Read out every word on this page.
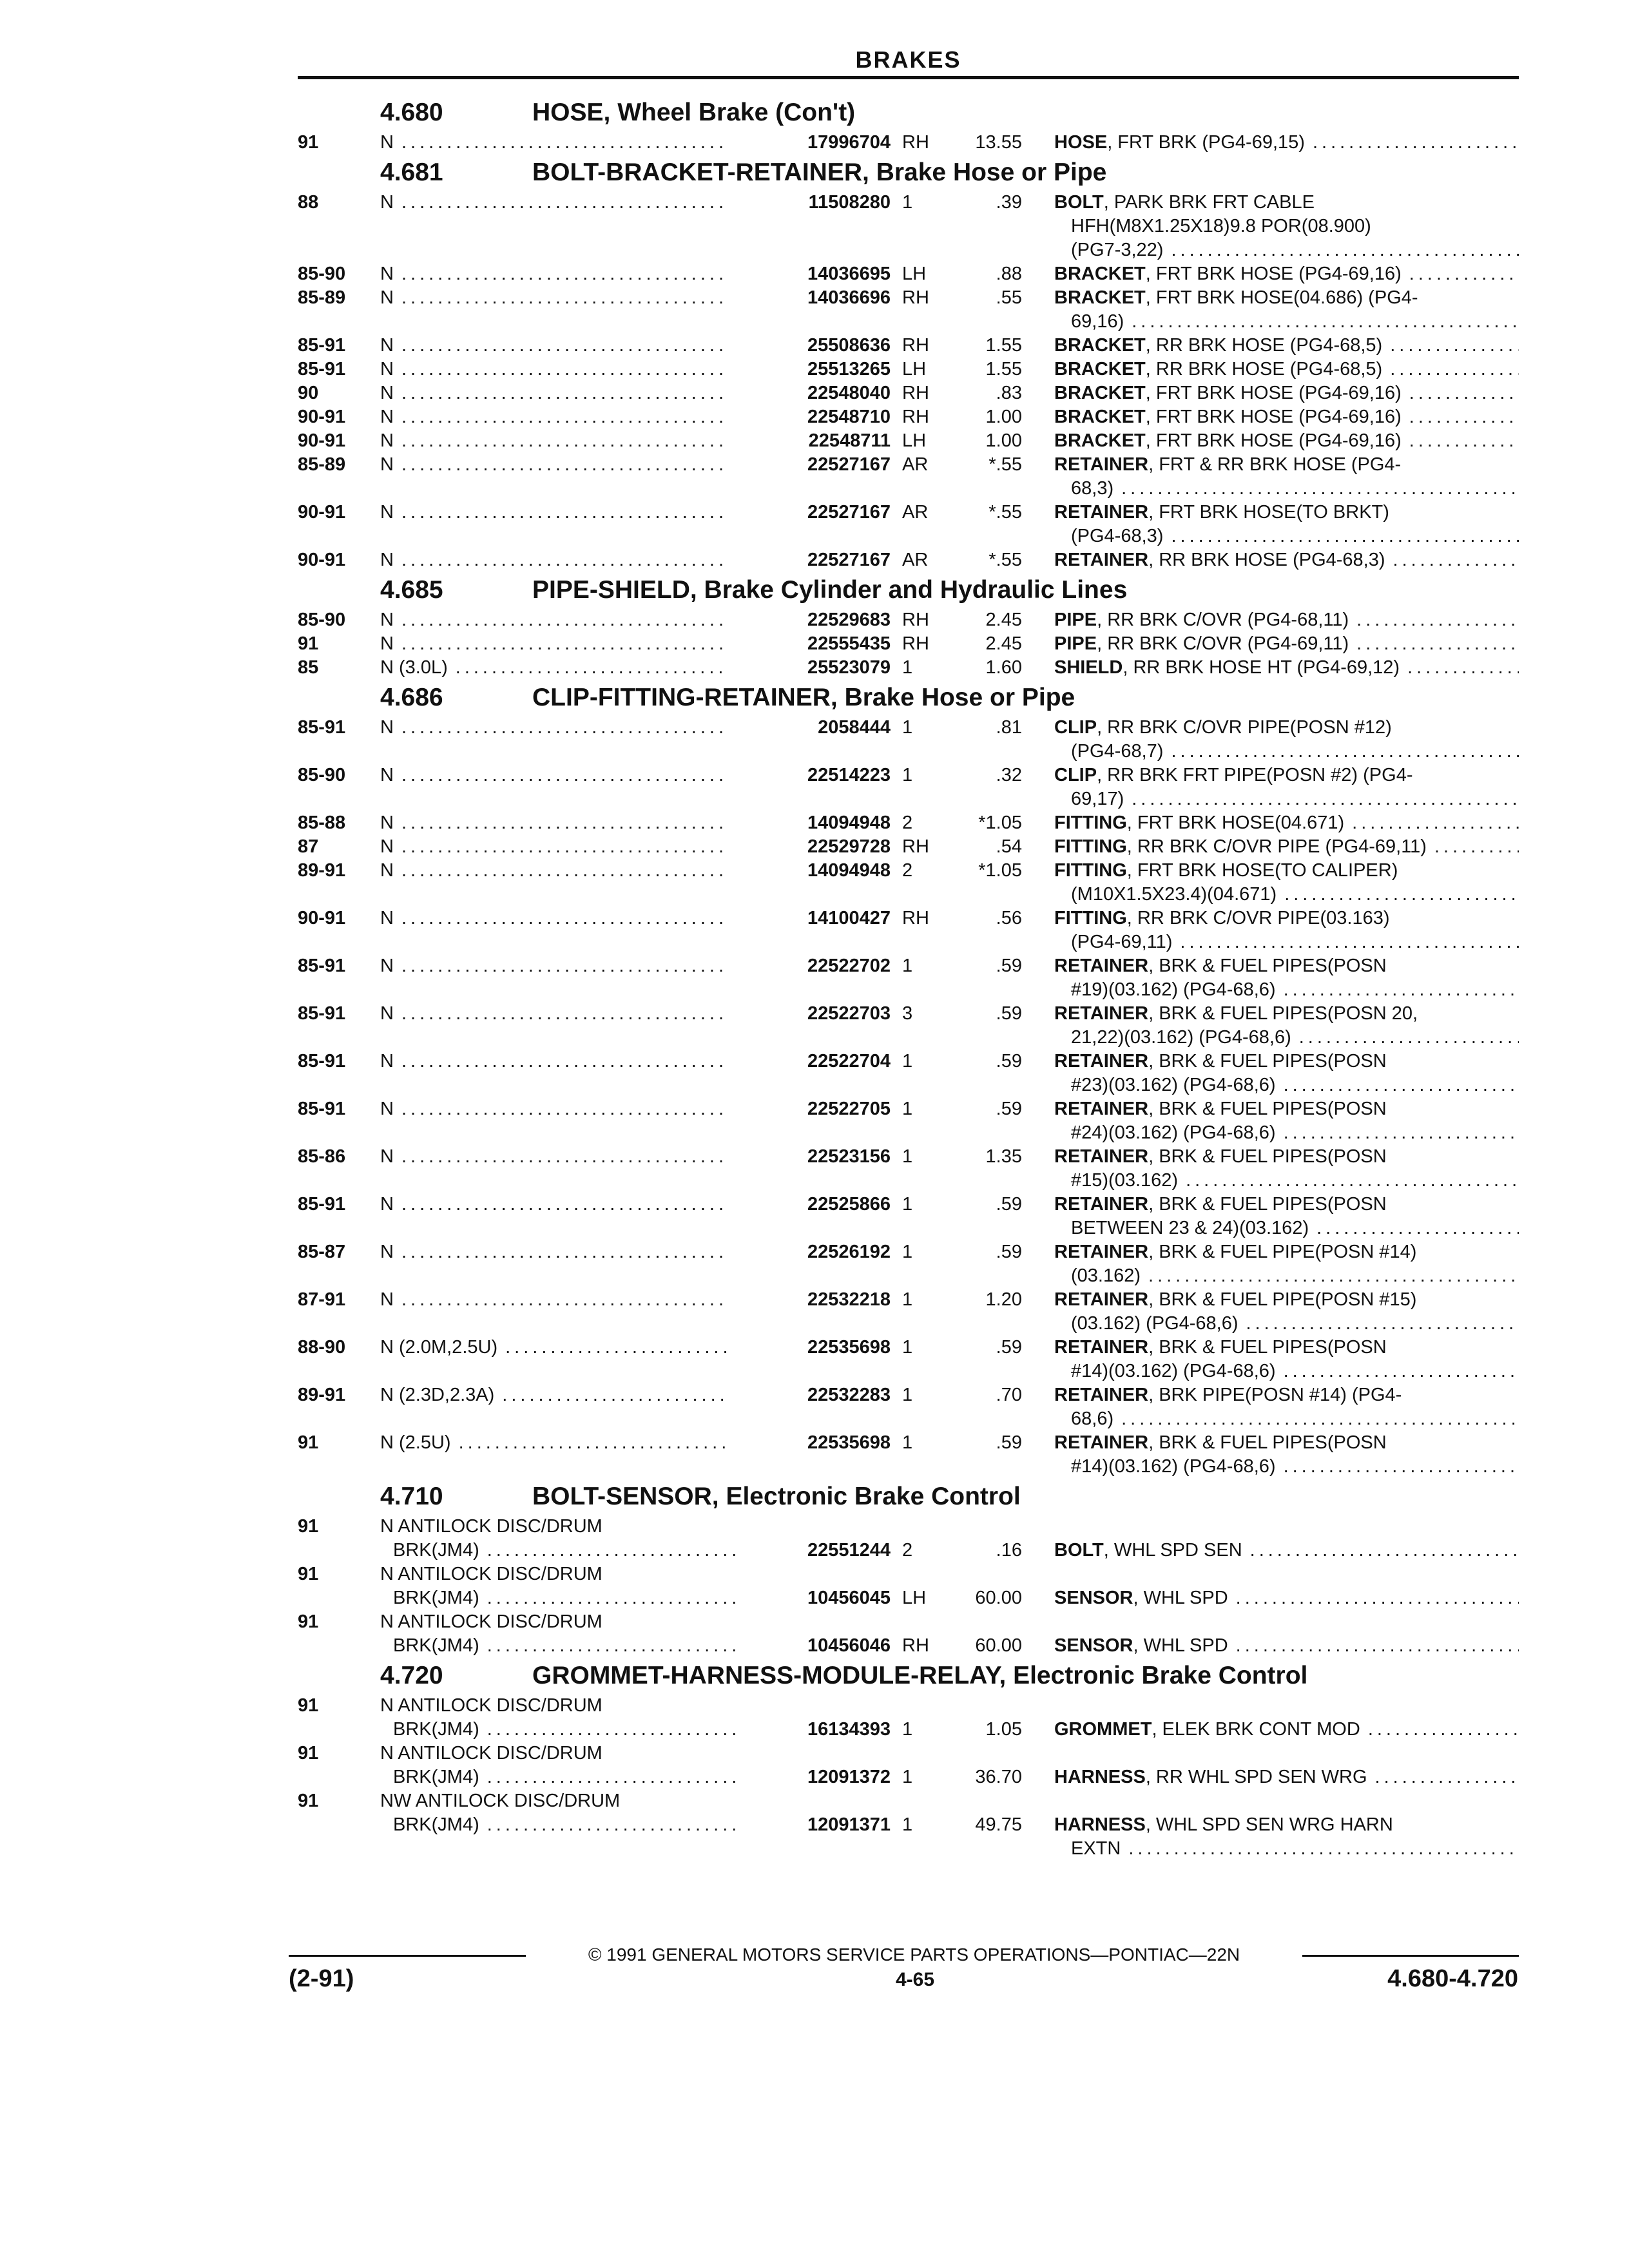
BRAKES
4.680	HOSE, Wheel Brake (Con't)
91	N .....	17996704 RH	13.55 HOSE , FRT BRK (PG4-69,15)
.....
4.681	BOLT-BRACKET-RETAINER, Brake Hose or Pipe
88	N .....	11508280 1	.39 BOLT , PARK BRK FRT CABLE
HFH(M8X1.25X18)9.8 POR(08.900)
(PG7-3,22)
.....
85-90	N .....	14036695 LH	.88 BRACKET , FRT BRK HOSE (PG4-69,16)
.....
85-89	N .....	14036696 RH	.55 BRACKET , FRT BRK HOSE(04.686) (PG4-
69,16)
.....
85-91	N .....	25508636 RH	1.55 BRACKET , RR BRK HOSE (PG4-68,5)
.....
85-91	N .....	25513265 LH	1.55 BRACKET , RR BRK HOSE (PG4-68,5)
.....
90	N .....	22548040 RH	.83 BRACKET , FRT BRK HOSE (PG4-69,16)
.....
90-91	N .....	22548710 RH	1.00 BRACKET , FRT BRK HOSE (PG4-69,16)
.....
90-91	N .....	22548711 LH	1.00 BRACKET , FRT BRK HOSE (PG4-69,16)
.....
85-89	N .....	22527167 AR	*.55 RETAINER , FRT & RR BRK HOSE (PG4-
68,3)
.....
90-91	N .....	22527167 AR	*.55 RETAINER , FRT BRK HOSE(TO BRKT)
(PG4-68,3)
.....
90-91	N .....	22527167 AR	*.55 RETAINER , RR BRK HOSE (PG4-68,3)
.....
4.685	PIPE-SHIELD, Brake Cylinder and Hydraulic Lines
85-90	N .....	22529683 RH	2.45 PIPE , RR BRK C/OVR (PG4-68,11)
.....
91	N .....	22555435 RH	2.45 PIPE , RR BRK C/OVR (PG4-69,11)
.....
85	N (3.0L) .....	25523079 1	1.60 SHIELD , RR BRK HOSE HT (PG4-69,12)
.....
4.686	CLIP-FITTING-RETAINER, Brake Hose or Pipe
85-91	N .....	2058444 1	.81 CLIP , RR BRK C/OVR PIPE(POSN #12)
(PG4-68,7)
.....
85-90	N .....	22514223 1	.32 CLIP , RR BRK FRT PIPE(POSN #2) (PG4-
69,17)
.....
85-88	N .....	14094948 2	*1.05 FITTING , FRT BRK HOSE(04.671)
.....
87	N .....	22529728 RH	.54 FITTING , RR BRK C/OVR PIPE (PG4-69,11)
.....
89-91	N .....	14094948 2	*1.05 FITTING , FRT BRK HOSE(TO CALIPER)
(M10X1.5X23.4)(04.671)
.....
90-91	N .....	14100427 RH	.56 FITTING , RR BRK C/OVR PIPE(03.163)
(PG4-69,11)
.....
85-91	N .....	22522702 1	.59 RETAINER , BRK & FUEL PIPES(POSN
#19)(03.162) (PG4-68,6)
.....
85-91	N .....	22522703 3	.59 RETAINER , BRK & FUEL PIPES(POSN 20,
21,22)(03.162) (PG4-68,6)
.....
85-91	N .....	22522704 1	.59 RETAINER , BRK & FUEL PIPES(POSN
#23)(03.162) (PG4-68,6)
.....
85-91	N .....	22522705 1	.59 RETAINER , BRK & FUEL PIPES(POSN
#24)(03.162) (PG4-68,6)
.....
85-86	N .....	22523156 1	1.35 RETAINER , BRK & FUEL PIPES(POSN
#15)(03.162)
.....
85-91	N .....	22525866 1	.59 RETAINER , BRK & FUEL PIPES(POSN
BETWEEN 23 & 24)(03.162)
.....
85-87	N .....	22526192 1	.59 RETAINER , BRK & FUEL PIPE(POSN #14)
(03.162)
.....
87-91	N .....	22532218 1	1.20 RETAINER , BRK & FUEL PIPE(POSN #15)
(03.162) (PG4-68,6)
.....
88-90	N (2.0M,2.5U) .....	22535698 1	.59 RETAINER , BRK & FUEL PIPES(POSN
#14)(03.162) (PG4-68,6)
.....
89-91	N (2.3D,2.3A) .....	22532283 1	.70 RETAINER , BRK PIPE(POSN #14) (PG4-
68,6)
.....
91	N (2.5U) .....	22535698 1	.59 RETAINER , BRK & FUEL PIPES(POSN
#14)(03.162) (PG4-68,6)
.....
4.710	BOLT-SENSOR, Electronic Brake Control
91	N ANTILOCK DISC/DRUM
BRK(JM4) .....	22551244 2	.16 BOLT , WHL SPD SEN
.....
91	N ANTILOCK DISC/DRUM
BRK(JM4) .....	10456045 LH	60.00 SENSOR , WHL SPD
.....
91	N ANTILOCK DISC/DRUM
BRK(JM4) .....	10456046 RH	60.00 SENSOR , WHL SPD
.....
4.720	GROMMET-HARNESS-MODULE-RELAY, Electronic Brake Control
91	N ANTILOCK DISC/DRUM
BRK(JM4) .....	16134393 1	1.05 GROMMET , ELEK BRK CONT MOD
.....
91	N ANTILOCK DISC/DRUM
BRK(JM4) .....	12091372 1	36.70 HARNESS , RR WHL SPD SEN WRG
.....
91	NW ANTILOCK DISC/DRUM
BRK(JM4) .....	12091371 1	49.75 HARNESS , WHL SPD SEN WRG HARN
EXTN
.....
© 1991 GENERAL MOTORS SERVICE PARTS OPERATIONS—PONTIAC—22N
(2-91)	4-65	4.680-4.720
